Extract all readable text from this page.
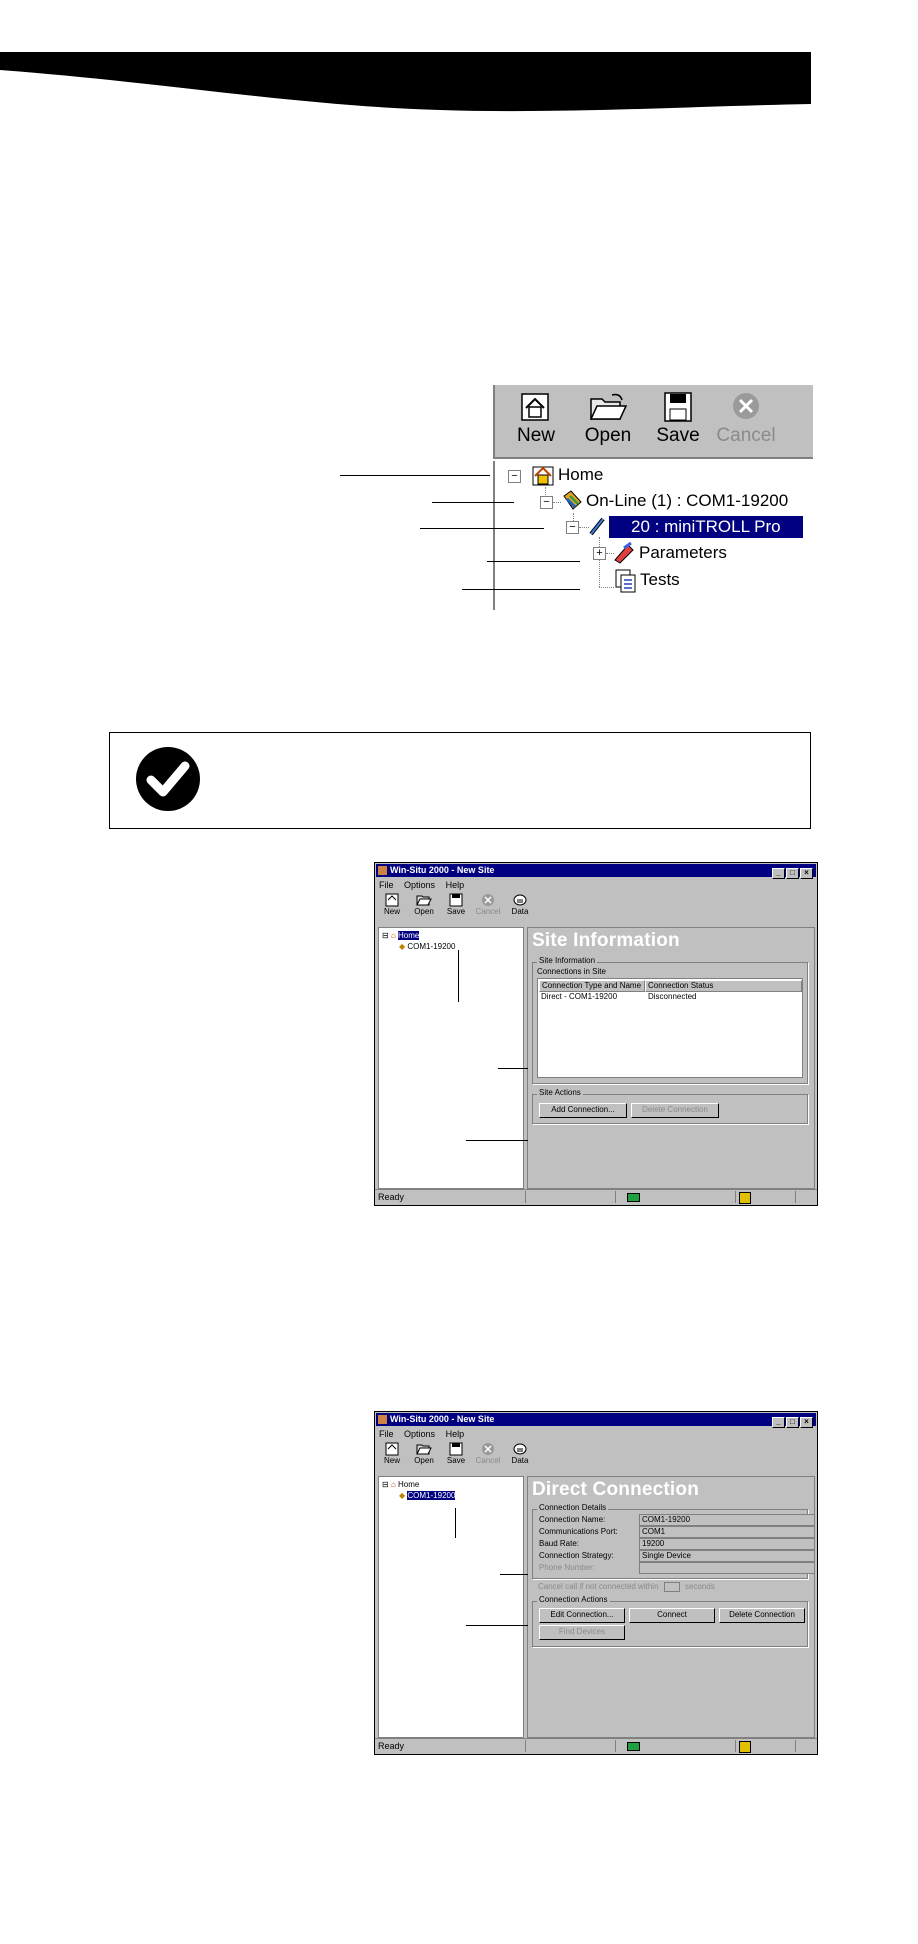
New	Open	Save Cancel
− Home
− On-Line (1) : COM1-19200
−	20 : miniTROLL Pro
+ Parameters
Tests
Win-Situ 2000 - New Site	_ □ ×
File Options Help
New	Open	Save	Cancel	Data
⊟ ⌂ Home
◆ COM1-19200	Site Information
Site Information
Connections in Site
Connection Type and Name Connection Status
Direct - COM1-19200	Disconnected
Site Actions
Add Connection...	Delete Connection
Ready
Win-Situ 2000 - New Site	_ □ ×
File Options Help
New	Open	Save	Cancel	Data
⊟ ⌂ Home
◆ COM1-19200	Direct Connection
Connection Details
Connection Name:	COM1-19200
Communications Port:	COM1
Baud Rate:	19200
Connection Strategy:	Single Device
Phone Number:
Cancel call if not connected within	seconds
Connection Actions
Edit Connection...	Connect	Delete Connection
Find Devices
Ready
